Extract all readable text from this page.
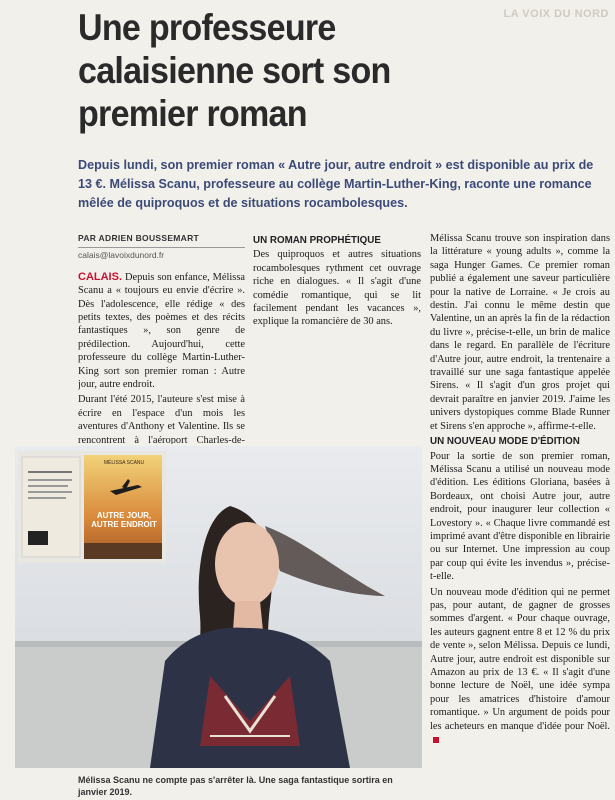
Une professeure calaisienne sort son premier roman
LA VOIX DU NORD
Depuis lundi, son premier roman « Autre jour, autre endroit » est disponible au prix de 13 €. Mélissa Scanu, professeure au collège Martin-Luther-King, raconte une romance mêlée de quiproquos et de situations rocambolesques.
PAR ADRIEN BOUSSEMART
calais@lavoixdunord.fr

CALAIS. Depuis son enfance, Mélissa Scanu a « toujours eu envie d'écrire ». Dès l'adolescence, elle rédige « des petits textes, des poèmes et des récits fantastiques », son genre de prédilection. Aujourd'hui, cette professeure du collège Martin-Luther-King sort son premier roman : Autre jour, autre endroit.

Durant l'été 2015, l'auteure s'est mise à écrire en l'espace d'un mois les aventures d'Anthony et Valentine. Ils se rencontrent à l'aéroport Charles-de-

UN ROMAN PROPHÉTIQUE

Des quiproquos et autres situations rocambolesques rythment cet ouvrage riche en dialogues. « Il s'agit d'une comédie romantique, qui se lit facilement pendant les vacances », explique la romancière de 30 ans.

Mélissa Scanu trouve son inspiration dans la littérature « young adults », comme la saga Hunger Games. Ce premier roman publié a également une saveur particulière pour la native de Lorraine. « Je crois au destin. J'ai connu le même destin que Valentine, un an après la fin de la rédaction du livre », précise-t-elle, un brin de malice dans le regard. En parallèle de l'écriture d'Autre jour, autre endroit, la trentenaire a travaillé sur une saga fantastique appelée Sirens. « Il s'agit d'un gros projet qui devrait paraître en janvier 2019. J'aime les univers dystopiques comme Blade Runner et Sirens s'en approche », affirme-t-elle.

UN NOUVEAU MODE D'ÉDITION

Pour la sortie de son premier roman, Mélissa Scanu a utilisé un nouveau mode d'édition. Les éditions Gloriana, basées à Bordeaux, ont choisi Autre jour, autre endroit, pour inaugurer leur collection « Lovestory ». « Chaque livre commandé est imprimé avant d'être disponible en librairie ou sur Internet. Une impression au coup par coup qui évite les invendus », précise-t-elle.

Un nouveau mode d'édition qui ne permet pas, pour autant, de gagner de grosses sommes d'argent. « Pour chaque ouvrage, les auteurs gagnent entre 8 et 12 % du prix de vente », selon Mélissa. Depuis ce lundi, Autre jour, autre endroit est disponible sur Amazon au prix de 13 €. « Il s'agit d'une bonne lecture de Noël, une idée sympa pour les amatrices d'histoire d'amour romantique. » Un argument de poids pour les acheteurs en manque d'idée pour Noël.

AUTRE JOUR, AUTRE ENDROIT
MÉLISSA SCANU
Mélissa Scanu ne compte pas s'arrêter là. Une saga fantastique sortira en janvier 2019.
